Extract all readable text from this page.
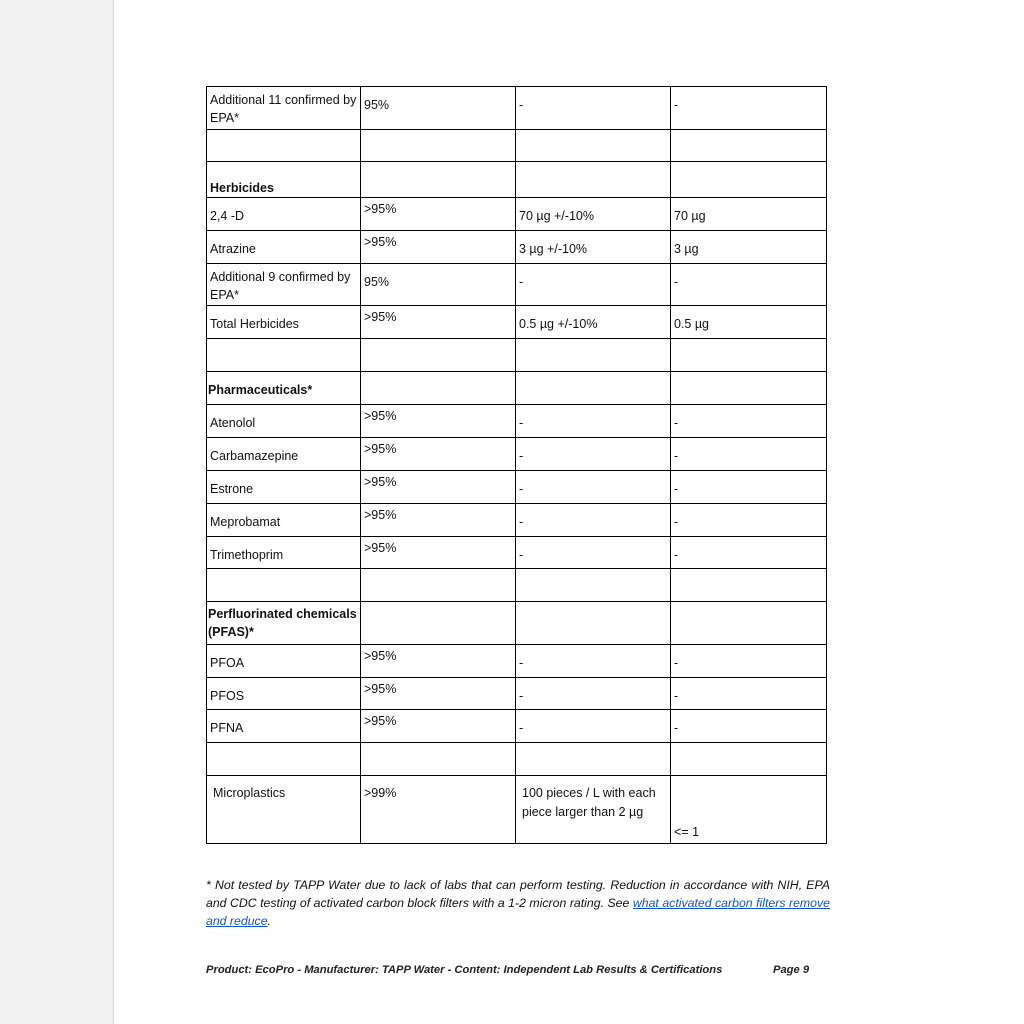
Additional 11 confirmed by EPA*	95%	-	-

Herbicides			
2,4 -D	>95%	70 µg +/-10%	70 µg
Atrazine	>95%	3 µg +/-10%	3 µg
Additional 9 confirmed by EPA*	95%	-	-
Total Herbicides	>95%	0.5 µg +/-10%	0.5 µg

Pharmaceuticals*			
Atenolol	>95%	-	-
Carbamazepine	>95%	-	-
Estrone	>95%	-	-
Meprobamat	>95%	-	-
Trimethoprim	>95%	-	-

Perfluorinated chemicals (PFAS)*			
PFOA	>95%	-	-
PFOS	>95%	-	-
PFNA	>95%	-	-

Microplastics	>99%	100 pieces / L with each piece larger than 2 µg	<= 1
* Not tested by TAPP Water due to lack of labs that can perform testing. Reduction in accordance with NIH, EPA and CDC testing of activated carbon block filters with a 1-2 micron rating. See what activated carbon filters remove and reduce.
Product: EcoPro - Manufacturer: TAPP Water - Content: Independent Lab Results & Certifications	Page 9
